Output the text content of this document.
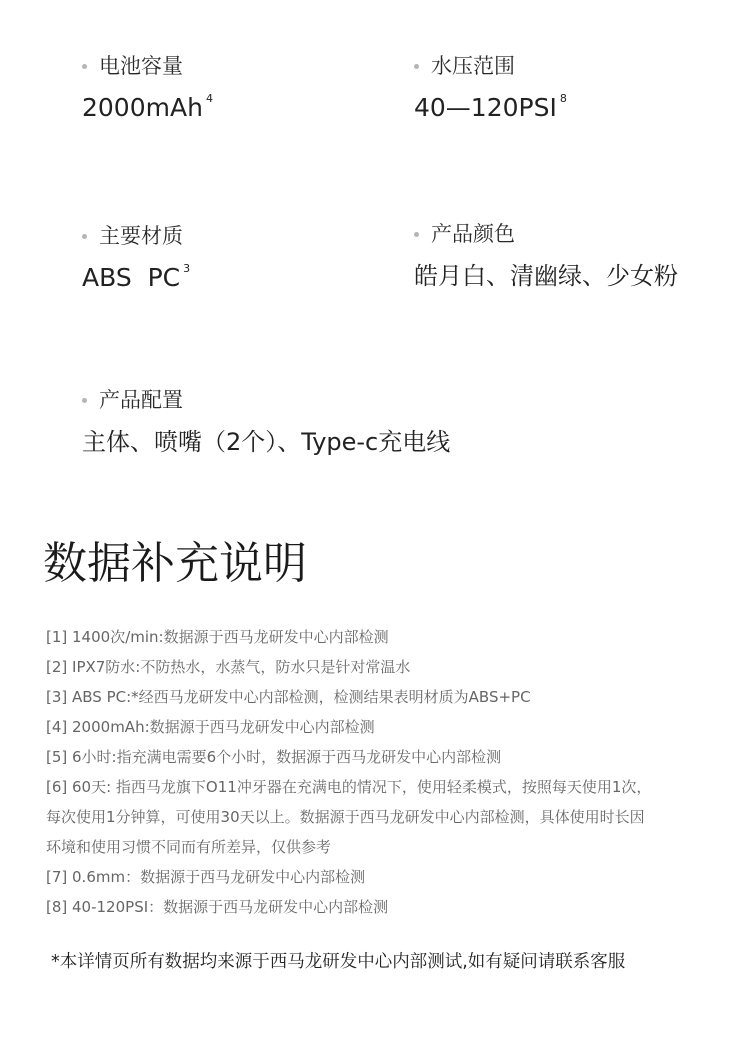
电池容量
2000mAh $^4$
水压范围
40—120PSI $^8$
主要材质
ABS  PC $^3$
产品颜色
皓月白、清幽绿、少女粉
产品配置
主体、喷嘴（2个）、Type-c充电线
数据补充说明
[1] 1400次/min:数据源于西马龙研发中心内部检测
[2] IPX7防水:不防热水，水蒸气，防水只是针对常温水
[3] ABS PC:*经西马龙研发中心内部检测，检测结果表明材质为ABS+PC
[4] 2000mAh:数据源于西马龙研发中心内部检测
[5] 6小时:指充满电需要6个小时，数据源于西马龙研发中心内部检测
[6] 60天: 指西马龙旗下O11冲牙器在充满电的情况下，使用轻柔模式，按照每天使用1次，
每次使用1分钟算，可使用30天以上。数据源于西马龙研发中心内部检测，具体使用时长因
环境和使用习惯不同而有所差异，仅供参考
[7] 0.6mm：数据源于西马龙研发中心内部检测
[8] 40-120PSI：数据源于西马龙研发中心内部检测
*本详情页所有数据均来源于西马龙研发中心内部测试,如有疑问请联系客服
